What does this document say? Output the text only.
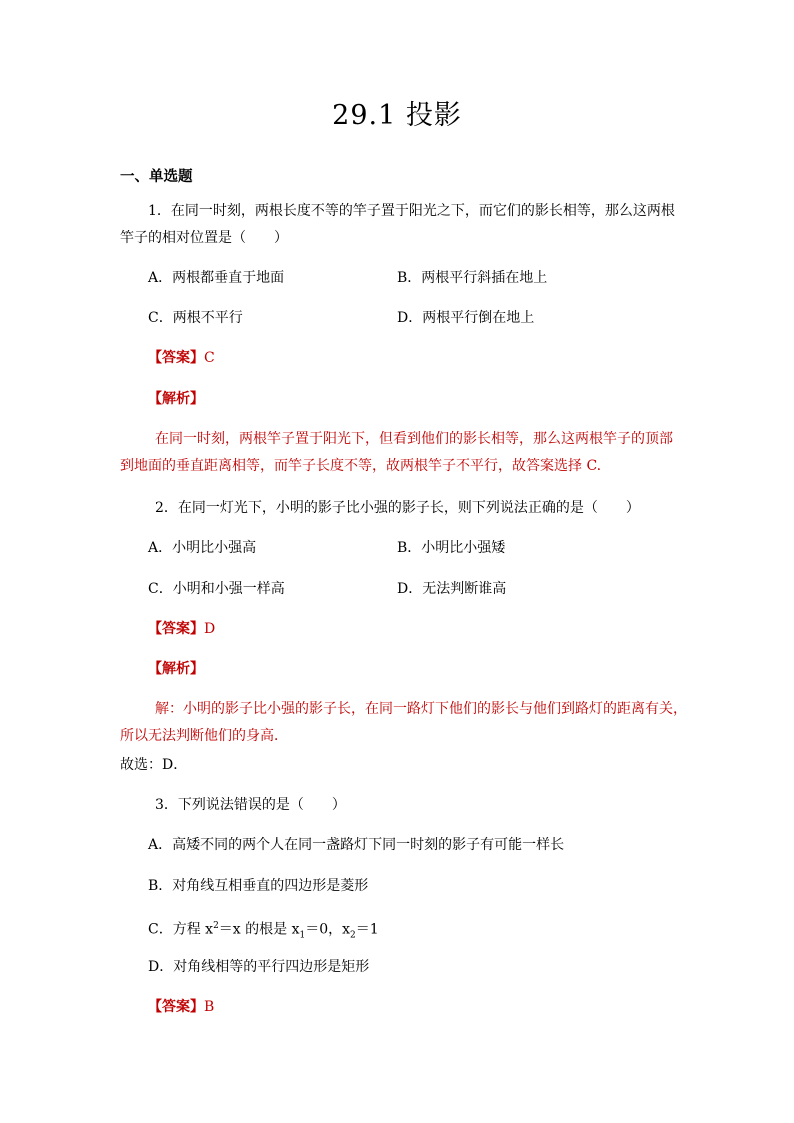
29.1 投影
一、单选题
1．在同一时刻，两根长度不等的竿子置于阳光之下，而它们的影长相等，那么这两根
竿子的相对位置是（　　）
A．两根都垂直于地面	B．两根平行斜插在地上
C．两根不平行	D．两根平行倒在地上
【答案】C
【解析】
在同一时刻，两根竿子置于阳光下，但看到他们的影长相等，那么这两根竿子的顶部
到地面的垂直距离相等，而竿子长度不等，故两根竿子不平行，故答案选择 C.
2．在同一灯光下，小明的影子比小强的影子长，则下列说法正确的是（　　）
A．小明比小强高	B．小明比小强矮
C．小明和小强一样高	D．无法判断谁高
【答案】D
【解析】
解：小明的影子比小强的影子长，在同一路灯下他们的影长与他们到路灯的距离有关，
所以无法判断他们的身高．
故选：D．
3．下列说法错误的是（　　）
A．高矮不同的两个人在同一盏路灯下同一时刻的影子有可能一样长
B．对角线互相垂直的四边形是菱形
C．方程 $x^2=x$ 的根是 $x_1=0$，$x_2=1$
D．对角线相等的平行四边形是矩形
【答案】B
